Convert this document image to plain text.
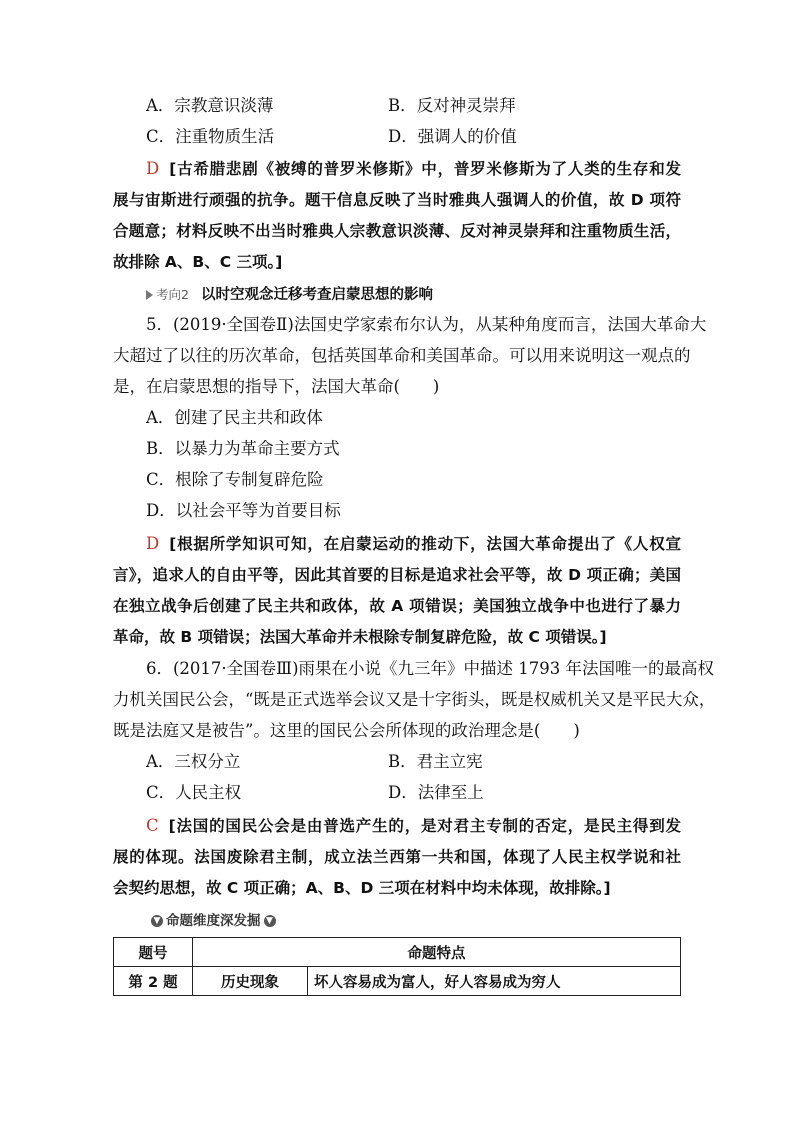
A．宗教意识淡薄	B．反对神灵崇拜
C．注重物质生活	D．强调人的价值
D [古希腊悲剧《被缚的普罗米修斯》中，普罗米修斯为了人类的生存和发
展与宙斯进行顽强的抗争。题干信息反映了当时雅典人强调人的价值，故 D 项符
合题意；材料反映不出当时雅典人宗教意识淡薄、反对神灵崇拜和注重物质生活，
故排除 A、B、C 三项。]
考向2 以时空观念迁移考查启蒙思想的影响
5．(2019·全国卷Ⅱ)法国史学家索布尔认为，从某种角度而言，法国大革命大
大超过了以往的历次革命，包括英国革命和美国革命。可以用来说明这一观点的
是，在启蒙思想的指导下，法国大革命(　　)
A．创建了民主共和政体
B．以暴力为革命主要方式
C．根除了专制复辟危险
D．以社会平等为首要目标
D [根据所学知识可知，在启蒙运动的推动下，法国大革命提出了《人权宣
言》，追求人的自由平等，因此其首要的目标是追求社会平等，故 D 项正确；美国
在独立战争后创建了民主共和政体，故 A 项错误；美国独立战争中也进行了暴力
革命，故 B 项错误；法国大革命并未根除专制复辟危险，故 C 项错误。]
6．(2017·全国卷Ⅲ)雨果在小说《九三年》中描述 1793 年法国唯一的最高权
力机关国民公会，“既是正式选举会议又是十字街头，既是权威机关又是平民大众，
既是法庭又是被告”。这里的国民公会所体现的政治理念是(　　)
A．三权分立	B．君主立宪
C．人民主权	D．法律至上
C [法国的国民公会是由普选产生的，是对君主专制的否定，是民主得到发
展的体现。法国废除君主制，成立法兰西第一共和国，体现了人民主权学说和社
会契约思想，故 C 项正确；A、B、D 三项在材料中均未体现，故排除。]
▼ 命题维度深发掘 ▼
题号	命题特点	
第 2 题	历史现象	坏人容易成为富人，好人容易成为穷人
